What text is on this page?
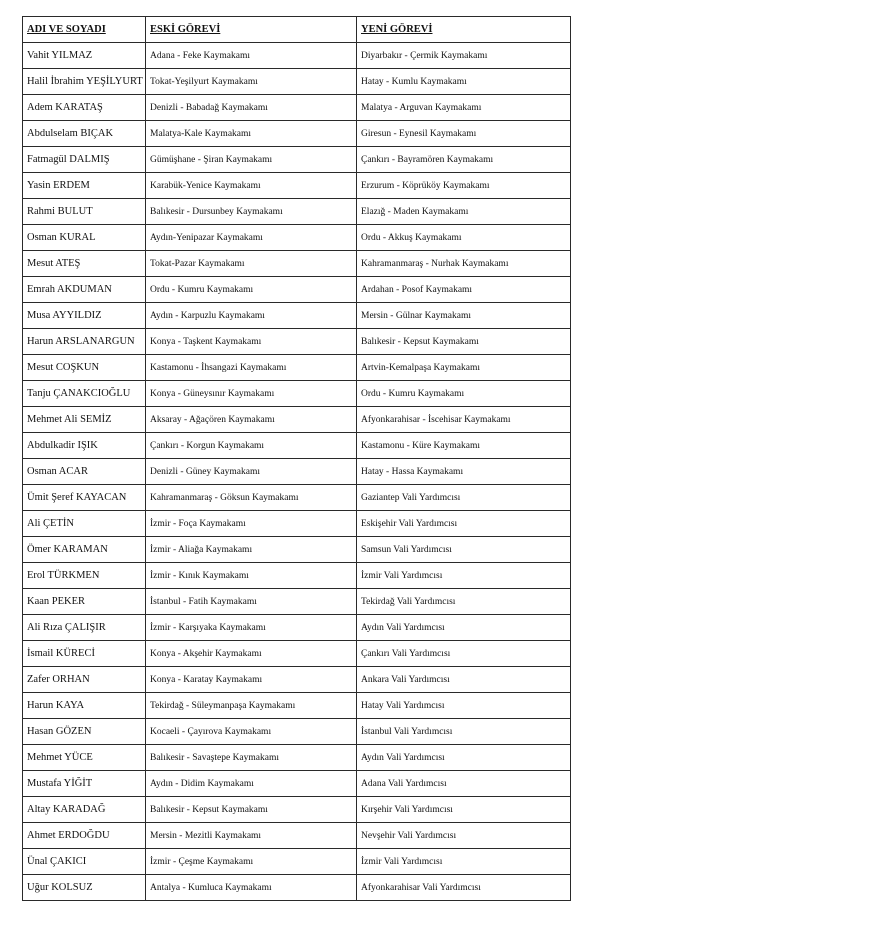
ADI VE SOYADI	ESKİ GÖREVİ	YENİ GÖREVİ
Vahit YILMAZ	Adana - Feke Kaymakamı	Diyarbakır - Çermik Kaymakamı
Halil İbrahim YEŞİLYURT	Tokat-Yeşilyurt Kaymakamı	Hatay - Kumlu Kaymakamı
Adem KARATAŞ	Denizli - Babadağ Kaymakamı	Malatya - Arguvan Kaymakamı
Abdulselam BIÇAK	Malatya-Kale Kaymakamı	Giresun - Eynesil Kaymakamı
Fatmagül DALMIŞ	Gümüşhane - Şiran Kaymakamı	Çankırı - Bayramören Kaymakamı
Yasin ERDEM	Karabük-Yenice Kaymakamı	Erzurum - Köprüköy Kaymakamı
Rahmi BULUT	Balıkesir - Dursunbey Kaymakamı	Elazığ - Maden Kaymakamı
Osman KURAL	Aydın-Yenipazar Kaymakamı	Ordu - Akkuş Kaymakamı
Mesut ATEŞ	Tokat-Pazar Kaymakamı	Kahramanmaraş - Nurhak Kaymakamı
Emrah AKDUMAN	Ordu - Kumru Kaymakamı	Ardahan - Posof Kaymakamı
Musa AYYILDIZ	Aydın - Karpuzlu Kaymakamı	Mersin - Gülnar Kaymakamı
Harun ARSLANARGUN	Konya - Taşkent Kaymakamı	Balıkesir - Kepsut Kaymakamı
Mesut COŞKUN	Kastamonu - İhsangazi Kaymakamı	Artvin-Kemalpaşa Kaymakamı
Tanju ÇANAKCIOĞLU	Konya - Güneysınır Kaymakamı	Ordu - Kumru Kaymakamı
Mehmet Ali SEMİZ	Aksaray - Ağaçören Kaymakamı	Afyonkarahisar - İscehisar Kaymakamı
Abdulkadir IŞIK	Çankırı - Korgun Kaymakamı	Kastamonu - Küre Kaymakamı
Osman ACAR	Denizli - Güney Kaymakamı	Hatay - Hassa Kaymakamı
Ümit Şeref KAYACAN	Kahramanmaraş - Göksun Kaymakamı	Gaziantep Vali Yardımcısı
Ali ÇETİN	İzmir - Foça Kaymakamı	Eskişehir Vali Yardımcısı
Ömer KARAMAN	İzmir - Aliağa Kaymakamı	Samsun Vali Yardımcısı
Erol TÜRKMEN	İzmir - Kınık Kaymakamı	İzmir Vali Yardımcısı
Kaan PEKER	İstanbul - Fatih Kaymakamı	Tekirdağ Vali Yardımcısı
Ali Rıza ÇALIŞIR	İzmir - Karşıyaka Kaymakamı	Aydın Vali Yardımcısı
İsmail KÜRECİ	Konya - Akşehir Kaymakamı	Çankırı Vali Yardımcısı
Zafer ORHAN	Konya - Karatay Kaymakamı	Ankara Vali Yardımcısı
Harun KAYA	Tekirdağ - Süleymanpaşa Kaymakamı	Hatay Vali Yardımcısı
Hasan GÖZEN	Kocaeli - Çayırova Kaymakamı	İstanbul Vali Yardımcısı
Mehmet YÜCE	Balıkesir - Savaştepe Kaymakamı	Aydın Vali Yardımcısı
Mustafa YİĞİT	Aydın - Didim Kaymakamı	Adana Vali Yardımcısı
Altay KARADAĞ	Balıkesir - Kepsut Kaymakamı	Kırşehir Vali Yardımcısı
Ahmet ERDOĞDU	Mersin - Mezitli Kaymakamı	Nevşehir Vali Yardımcısı
Ünal ÇAKICI	İzmir - Çeşme Kaymakamı	İzmir Vali Yardımcısı
Uğur KOLSUZ	Antalya - Kumluca Kaymakamı	Afyonkarahisar Vali Yardımcısı
